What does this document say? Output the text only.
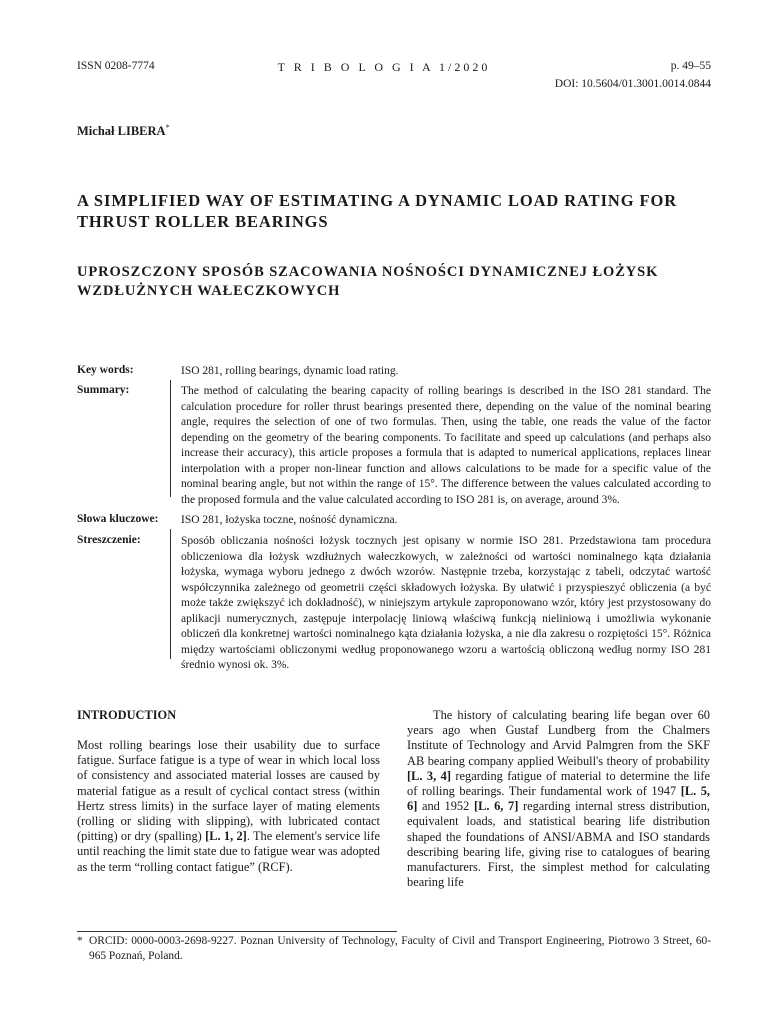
ISSN 0208-7774	T R I B O L O G I A 1/2020	p. 49–55
DOI: 10.5604/01.3001.0014.0844
Michał LIBERA*
A SIMPLIFIED WAY OF ESTIMATING A DYNAMIC LOAD RATING FOR THRUST ROLLER BEARINGS
UPROSZCZONY SPOSÓB SZACOWANIA NOŚNOŚCI DYNAMICZNEJ ŁOŻYSK WZDŁUŻNYCH WAŁECZKOWYCH
Key words:	ISO 281, rolling bearings, dynamic load rating.
Summary:	The method of calculating the bearing capacity of rolling bearings is described in the ISO 281 standard. The calculation procedure for roller thrust bearings presented there, depending on the value of the nominal bearing angle, requires the selection of one of two formulas. Then, using the table, one reads the value of the factor depending on the geometry of the bearing components. To facilitate and speed up calculations (and perhaps also increase their accuracy), this article proposes a formula that is adapted to numerical applications, replaces linear interpolation with a proper non-linear function and allows calculations to be made for a specific value of the nominal bearing angle, but not within the range of 15°. The difference between the values calculated according to the proposed formula and the value calculated according to ISO 281 is, on average, around 3%.
Słowa kluczowe: ISO 281, łożyska toczne, nośność dynamiczna.
Streszczenie:	Sposób obliczania nośności łożysk tocznych jest opisany w normie ISO 281. Przedstawiona tam procedura obliczeniowa dla łożysk wzdłużnych wałeczkowych, w zależności od wartości nominalnego kąta działania łożyska, wymaga wyboru jednego z dwóch wzorów. Następnie trzeba, korzystając z tabeli, odczytać wartość współczynnika zależnego od geometrii części składowych łożyska. By ułatwić i przyspieszyć obliczenia (a być może także zwiększyć ich dokładność), w niniejszym artykule zaproponowano wzór, który jest przystosowany do aplikacji numerycznych, zastępuje interpolację liniową właściwą funkcją nieliniową i umożliwia wykonanie obliczeń dla konkretnej wartości nominalnego kąta działania łożyska, a nie dla zakresu o rozpiętości 15°. Różnica między wartościami obliczonymi według proponowanego wzoru a wartością obliczoną według normy ISO 281 średnio wynosi ok. 3%.
INTRODUCTION
Most rolling bearings lose their usability due to surface fatigue. Surface fatigue is a type of wear in which local loss of consistency and associated material losses are caused by material fatigue as a result of cyclical contact stress (within Hertz stress limits) in the surface layer of mating elements (rolling or sliding with slipping), with lubricated contact (pitting) or dry (spalling) [L. 1, 2]. The element's service life until reaching the limit state due to fatigue wear was adopted as the term “rolling contact fatigue” (RCF).
The history of calculating bearing life began over 60 years ago when Gustaf Lundberg from the Chalmers Institute of Technology and Arvid Palmgren from the SKF AB bearing company applied Weibull's theory of probability [L. 3, 4] regarding fatigue of material to determine the life of rolling bearings. Their fundamental work of 1947 [L. 5, 6] and 1952 [L. 6, 7] regarding internal stress distribution, equivalent loads, and statistical bearing life distribution shaped the foundations of ANSI/ABMA and ISO standards describing bearing life, giving rise to catalogues of bearing manufacturers. First, the simplest method for calculating bearing life
* ORCID: 0000-0003-2698-9227. Poznan University of Technology, Faculty of Civil and Transport Engineering, Piotrowo 3 Street, 60-965 Poznań, Poland.
